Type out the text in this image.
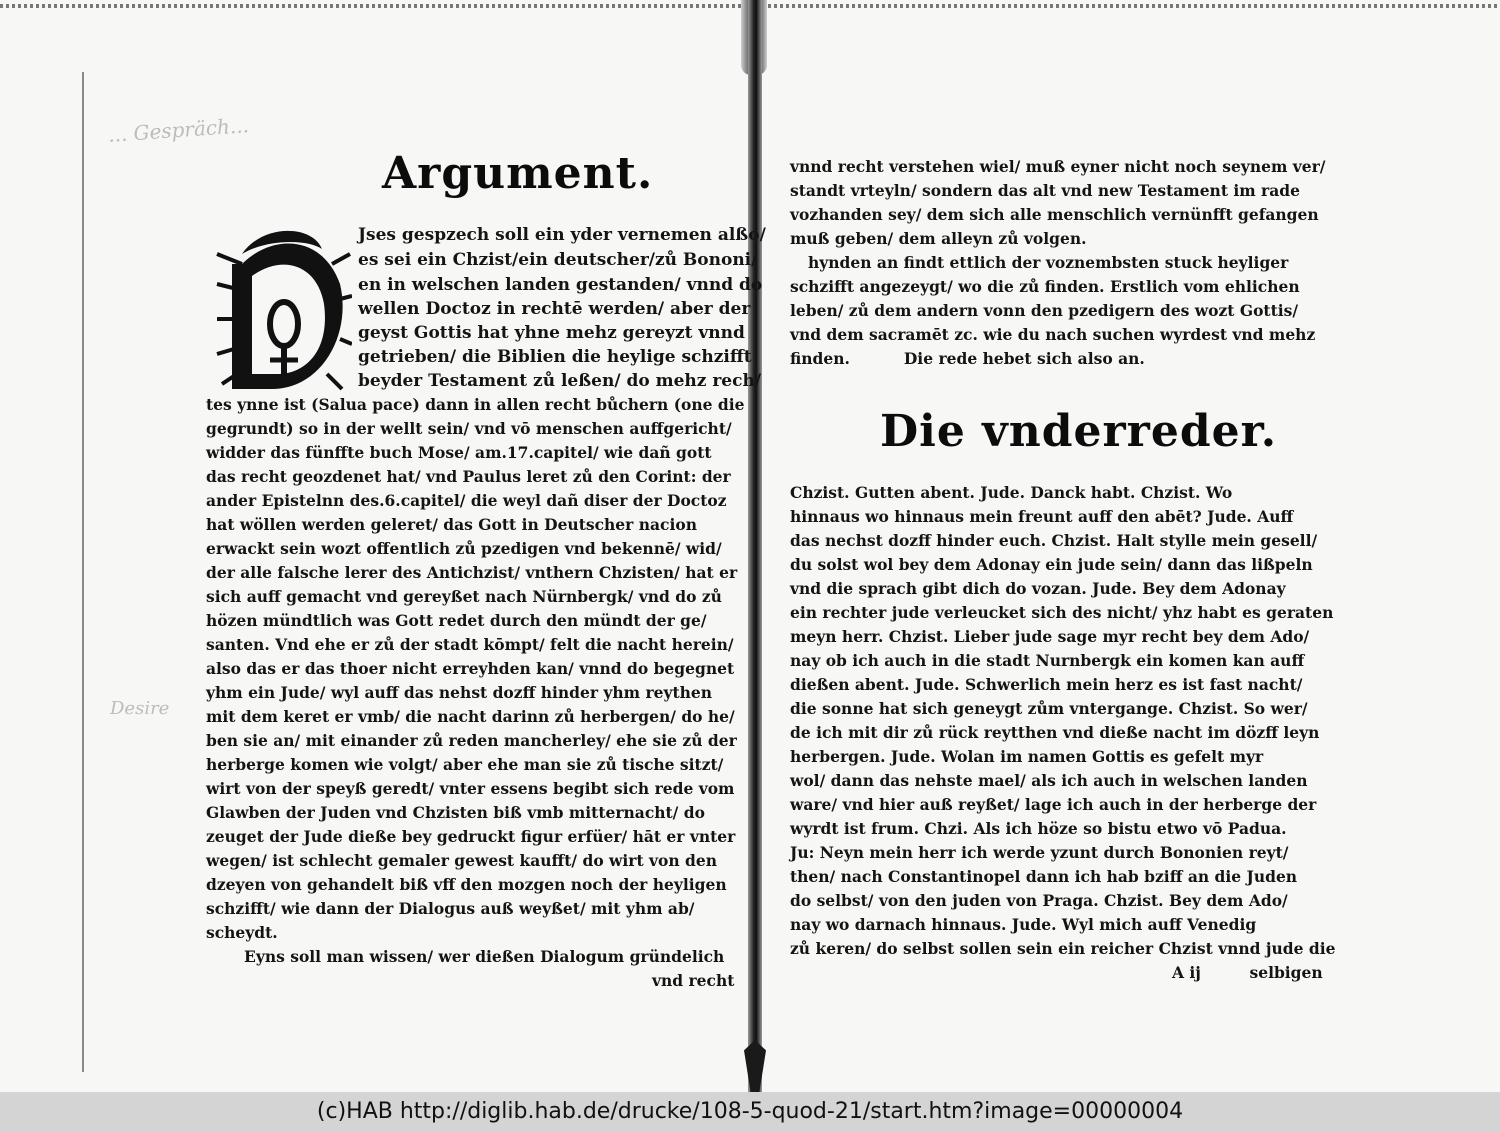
... Gespräch...
Desire
Argument.
Jses gespzech soll ein yder vernemen alßo/
es sei ein Chzist/ein deutscher/zů Bononi/
en in welschen landen gestanden/ vnnd do
wellen Doctoz in rechtē werden/ aber der
geyst Gottis hat yhne mehz gereyzt vnnd
getrieben/ die Biblien die heylige schzifft
beyder Testament zů leßen/ do mehz rech/
tes ynne ist (Salua pace) dann in allen recht bůchern (one die
gegrundt) so in der wellt sein/ vnd vō menschen auffgericht/
widder das fünffte buch Mose/ am.17.capitel/ wie dañ gott
das recht geozdenet hat/ vnd Paulus leret zů den Corint: der
ander Epistelnn des.6.capitel/ die weyl dañ diser der Doctoz
hat wöllen werden geleret/ das Gott in Deutscher nacion
erwackt sein wozt offentlich zů pzedigen vnd bekennē/ wid/
der alle falsche lerer des Antichzist/ vnthern Chzisten/ hat er
sich auff gemacht vnd gereyßet nach Nürnbergk/ vnd do zů
hözen mündtlich was Gott redet durch den mündt der ge/
santen. Vnd ehe er zů der stadt kōmpt/ felt die nacht herein/
also das er das thoer nicht erreyhden kan/ vnnd do begegnet
yhm ein Jude/ wyl auff das nehst dozff hinder yhm reythen
mit dem keret er vmb/ die nacht darinn zů herbergen/ do he/
ben sie an/ mit einander zů reden mancherley/ ehe sie zů der
herberge komen wie volgt/ aber ehe man sie zů tische sitzt/
wirt von der speyß geredt/ vnter essens begibt sich rede vom
Glawben der Juden vnd Chzisten biß vmb mitternacht/ do
zeuget der Jude dieße bey gedruckt figur erfüer/ hāt er vnter
wegen/ ist schlecht gemaler gewest kaufft/ do wirt von den
dzeyen von gehandelt biß vff den mozgen noch der heyligen
schzifft/ wie dann der Dialogus auß weyßet/ mit yhm ab/
scheydt.
Eyns soll man wissen/ wer dießen Dialogum gründelich
vnd recht
vnnd recht verstehen wiel/ muß eyner nicht noch seynem ver/
standt vrteyln/ sondern das alt vnd new Testament im rade
vozhanden sey/ dem sich alle menschlich vernünfft gefangen
muß geben/ dem alleyn zů volgen.
hynden an findt ettlich der voznembsten stuck heyliger
schzifft angezeygt/ wo die zů finden. Erstlich vom ehlichen
leben/ zů dem andern vonn den pzedigern des wozt Gottis/
vnd dem sacramēt zc. wie du nach suchen wyrdest vnd mehz
finden.          Die rede hebet sich also an.
Die vnderreder.
Chzist. Gutten abent. Jude. Danck habt. Chzist. Wo
hinnaus wo hinnaus mein freunt auff den abēt? Jude. Auff
das nechst dozff hinder euch. Chzist. Halt stylle mein gesell/
du solst wol bey dem Adonay ein jude sein/ dann das lißpeln
vnd die sprach gibt dich do vozan. Jude. Bey dem Adonay
ein rechter jude verleucket sich des nicht/ yhz habt es geraten
meyn herr. Chzist. Lieber jude sage myr recht bey dem Ado/
nay ob ich auch in die stadt Nurnbergk ein komen kan auff
dießen abent. Jude. Schwerlich mein herz es ist fast nacht/
die sonne hat sich geneygt zům vntergange. Chzist. So wer/
de ich mit dir zů rück reytthen vnd dieße nacht im dözff leyn
herbergen. Jude. Wolan im namen Gottis es gefelt myr
wol/ dann das nehste mael/ als ich auch in welschen landen
ware/ vnd hier auß reyßet/ lage ich auch in der herberge der
wyrdt ist frum. Chzi. Als ich höze so bistu etwo vō Padua.
Ju: Neyn mein herr ich werde yzunt durch Bononien reyt/
then/ nach Constantinopel dann ich hab bziff an die Juden
do selbst/ von den juden von Praga. Chzist. Bey dem Ado/
nay wo darnach hinnaus. Jude. Wyl mich auff Venedig
zů keren/ do selbst sollen sein ein reicher Chzist vnnd jude die
A ij         selbigen
(c)HAB http://diglib.hab.de/drucke/108-5-quod-21/start.htm?image=00000004
